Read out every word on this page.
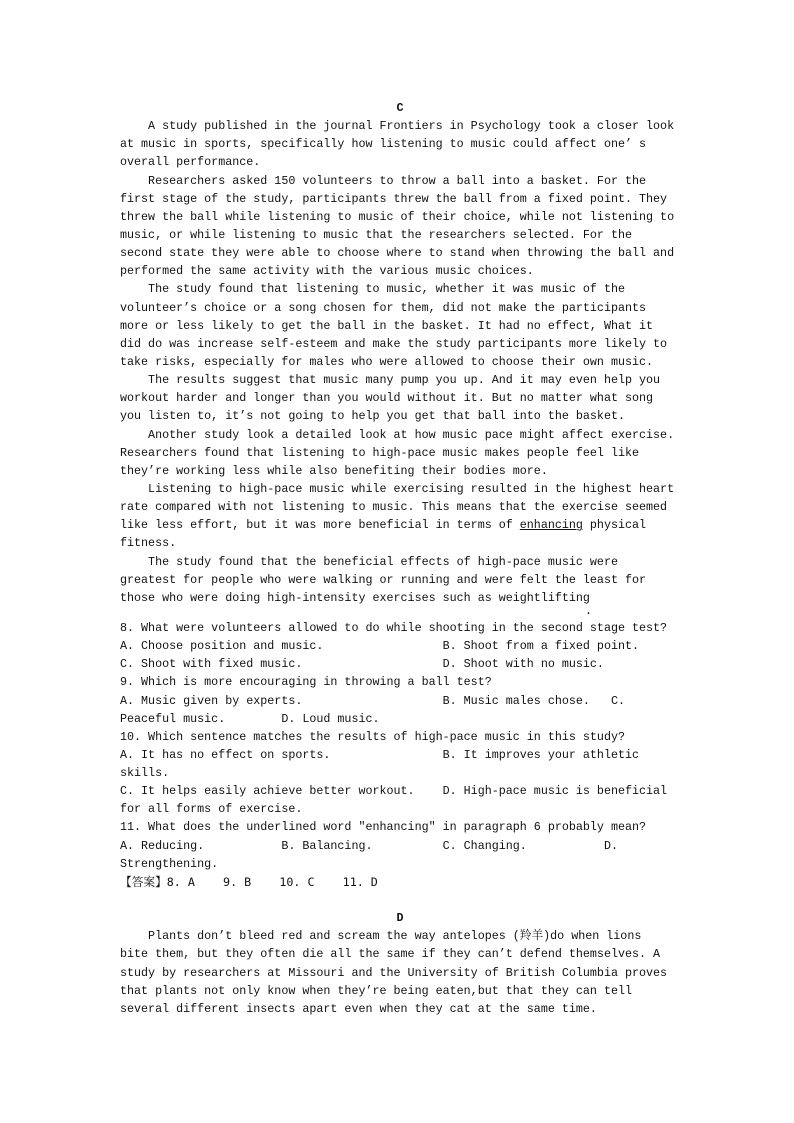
C
A study published in the journal Frontiers in Psychology took a closer look
at music in sports, specifically how listening to music could affect one’ s
overall performance.
Researchers asked 150 volunteers to throw a ball into a basket. For the
first stage of the study, participants threw the ball from a fixed point. They
threw the ball while listening to music of their choice, while not listening to
music, or while listening to music that the researchers selected. For the
second state they were able to choose where to stand when throwing the ball and
performed the same activity with the various music choices.
The study found that listening to music, whether it was music of the
volunteer’s choice or a song chosen for them, did not make the participants
more or less likely to get the ball in the basket. It had no effect, What it
did do was increase self-esteem and make the study participants more likely to
take risks, especially for males who were allowed to choose their own music.
The results suggest that music many pump you up. And it may even help you
workout harder and longer than you would without it. But no matter what song
you listen to, it’s not going to help you get that ball into the basket.
Another study look a detailed look at how music pace might affect exercise.
Researchers found that listening to high-pace music makes people feel like
they’re working less while also benefiting their bodies more.
Listening to high-pace music while exercising resulted in the highest heart
rate compared with not listening to music. This means that the exercise seemed
like less effort, but it was more beneficial in terms of enhancing physical
fitness.
The study found that the beneficial effects of high-pace music were
greatest for people who were walking or running and were felt the least for
those who were doing high-intensity exercises such as weightlifting
.
8. What were volunteers allowed to do while shooting in the second stage test?
A. Choose position and music.                 B. Shoot from a fixed point.
C. Shoot with fixed music.                    D. Shoot with no music.
9. Which is more encouraging in throwing a ball test?
A. Music given by experts.                    B. Music males chose.   C.
Peaceful music.        D. Loud music.
10. Which sentence matches the results of high-pace music in this study?
A. It has no effect on sports.                B. It improves your athletic
skills.
C. It helps easily achieve better workout.    D. High-pace music is beneficial
for all forms of exercise.
11. What does the underlined word "enhancing" in paragraph 6 probably mean?
A. Reducing.           B. Balancing.          C. Changing.           D.
Strengthening.
【答案】8. A    9. B    10. C    11. D
D
Plants don’t bleed red and scream the way antelopes (羚羊)do when lions
bite them, but they often die all the same if they can’t defend themselves. A
study by researchers at Missouri and the University of British Columbia proves
that plants not only know when they’re being eaten,but that they can tell
several different insects apart even when they cat at the same time.
